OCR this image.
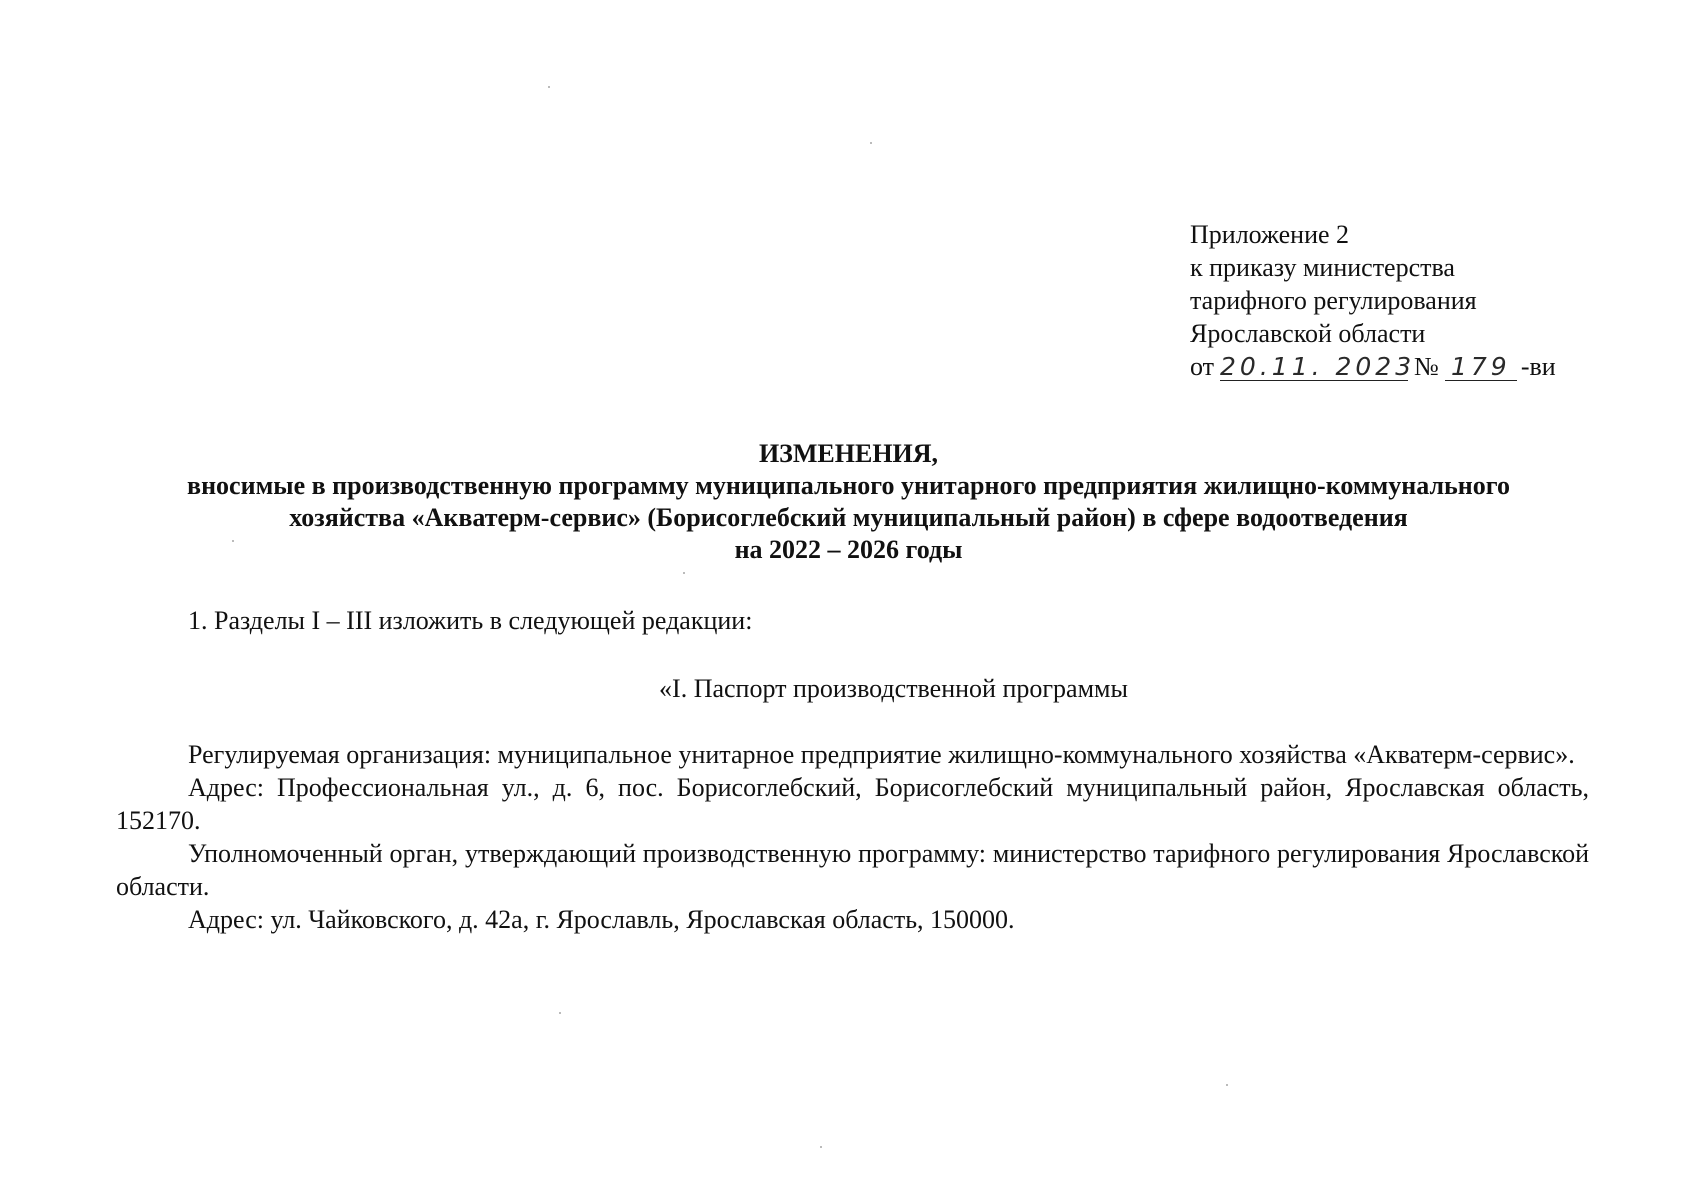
Приложение 2
к приказу министерства
тарифного регулирования
Ярославской области
от 20.11. 2023
№ 179 -ви
ИЗМЕНЕНИЯ,
вносимые в производственную программу муниципального унитарного предприятия жилищно-коммунального
хозяйства «Акватерм-сервис» (Борисоглебский муниципальный район) в сфере водоотведения
на 2022 – 2026 годы
1. Разделы I – III изложить в следующей редакции:
«I. Паспорт производственной программы

Регулируемая организация: муниципальное унитарное предприятие жилищно-коммунального хозяйства «Акватерм-сервис».

Адрес: Профессиональная ул., д. 6, пос. Борисоглебский, Борисоглебский муниципальный район, Ярославская область, 152170.

Уполномоченный орган, утверждающий производственную программу: министерство тарифного регулирования Ярославской области.

Адрес: ул. Чайковского, д. 42а, г. Ярославль, Ярославская область, 150000.
